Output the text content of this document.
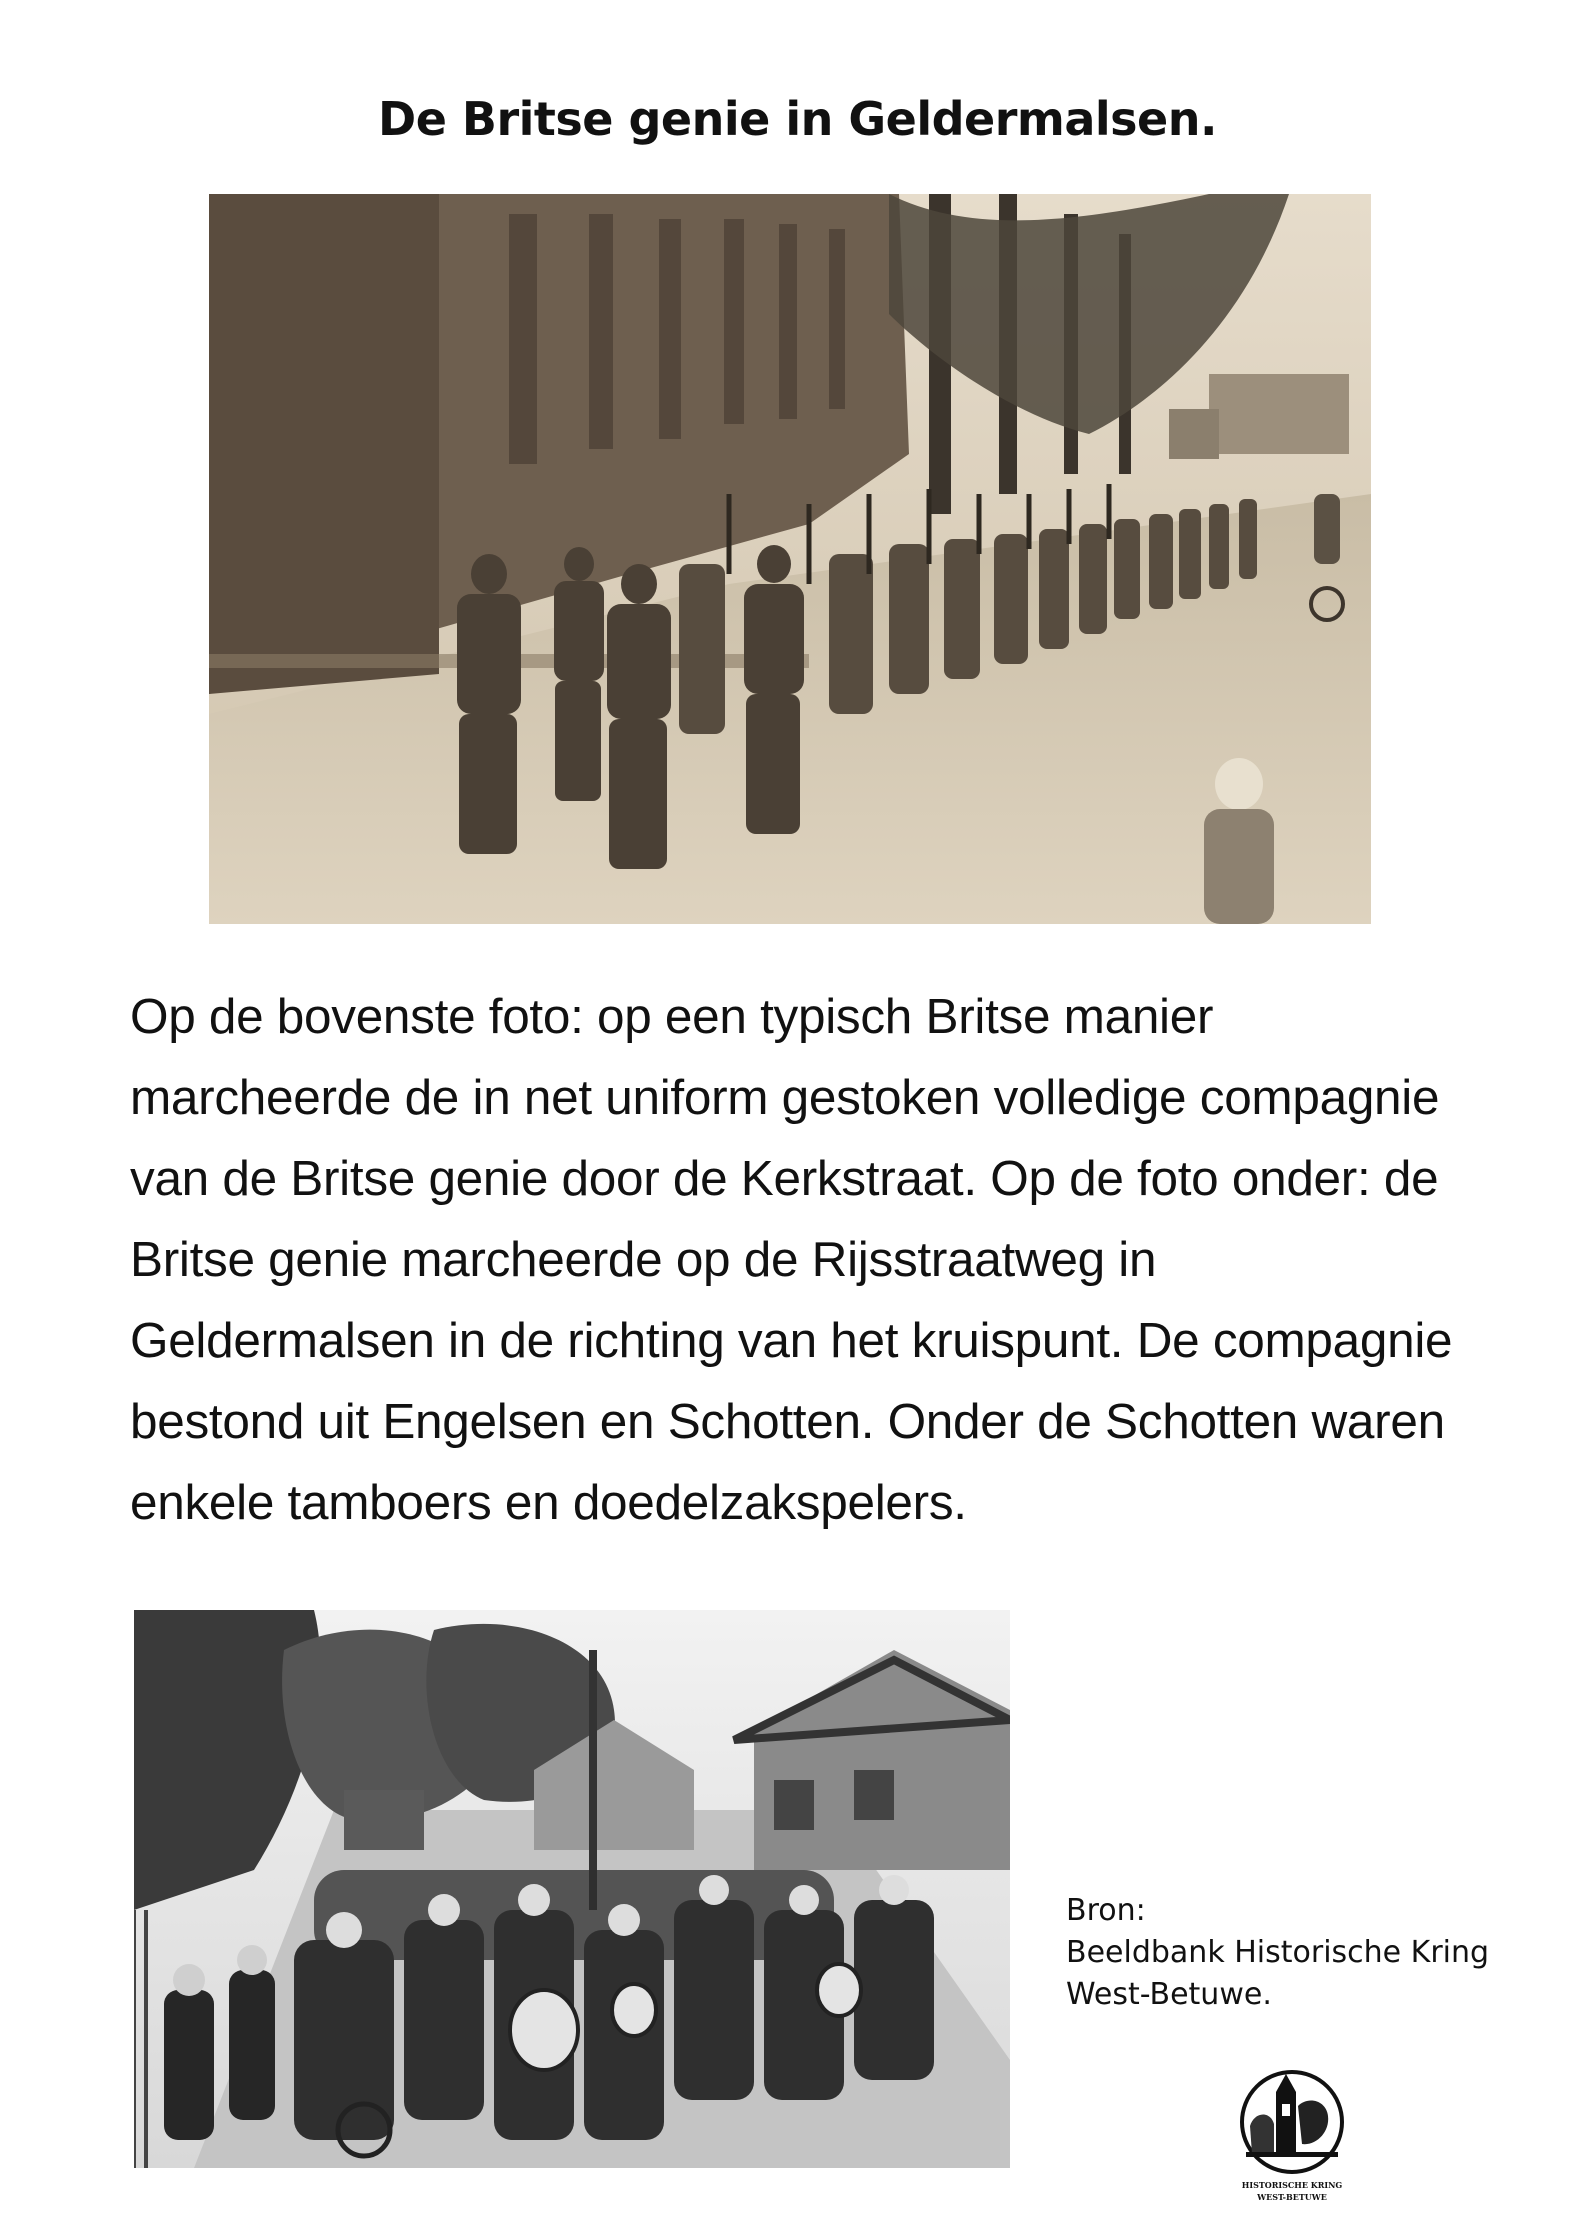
De Britse genie in Geldermalsen.

Op de bovenste foto: op een typisch Britse manier marcheerde de in net uniform gestoken volledige compagnie van de Britse genie door de Kerkstraat. Op de foto onder: de Britse genie marcheerde op de Rijsstraatweg in Geldermalsen in de richting van het kruispunt. De compagnie bestond uit Engelsen en Schotten. Onder de Schotten waren enkele tamboers en doedelzakspelers.

Bron:
Beeldbank Historische Kring
West-Betuwe.
HISTORISCHE KRING
WEST-BETUWE
